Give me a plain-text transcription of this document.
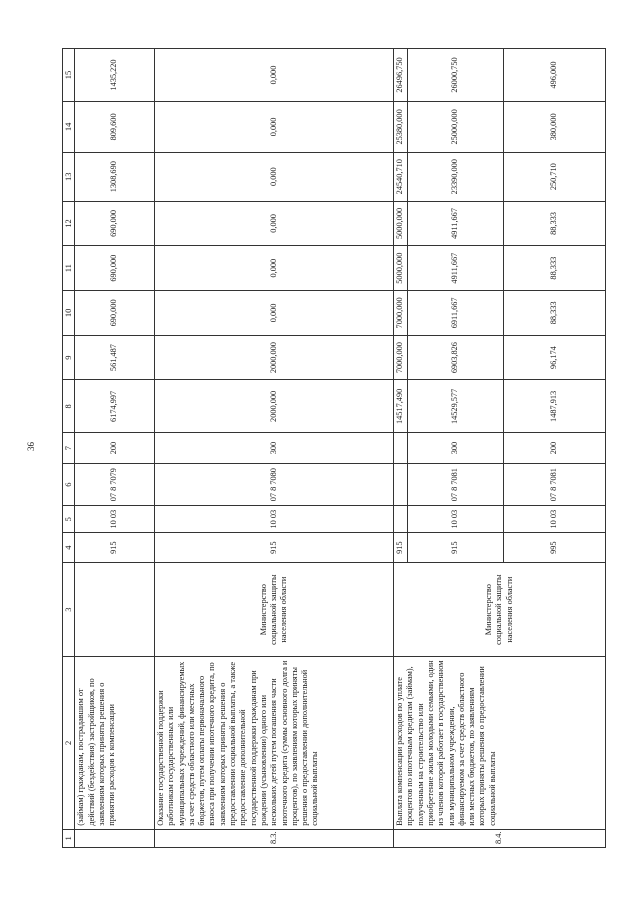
36
1	2	3	4	5	6	7	8	9	10	11	12	13	14	15
	(займам) гражданам, пострадавшим от действий (бездействия) застройщиков, по заявлениям которых приняты решения о принятии расходов к компенсации		915	10 03	07 8 7079	200	6174,997	561,487	690,000	690,000	690,000	1308,690	809,600	1435,220
8.3.	Оказание государственной поддержки работникам государственных или муниципальных учреждений, финансируемых за счет средств областного или местных бюджетов, путем оплаты первоначального взноса при получении ипотечного кредита, по заявлениям которых приняты решения о предоставлении социальной выплаты, а также предоставление дополнительной государственной поддержки гражданам при рождении (усыновлении) одного или нескольких детей путем погашения части ипотечного кредита (суммы основного долга и процентов), по заявлениям которых приняты решения о предоставлении дополнительной социальной выплаты	Министерство социальной защиты населения области	915	10 03	07 8 7080	300	2000,000	2000,000	0,000	0,000	0,000	0,000	0,000	0,000
8.4.	Выплата компенсации расходов по уплате процентов по ипотечным кредитам (займам), полученным на строительство или приобретение жилья молодыми семьями, один из членов которой работает в государственном или муниципальном учреждении, финансируемом за счет средств областного или местных бюджетов, по заявлениям которых приняты решения о предоставлении социальной выплаты	Министерство социальной защиты населения области	915				14517,490	7000,000	7000,000	5000,000	5000,000	24540,710	25380,000	26496,750
			915	10 03	07 8 7081	300	14529,577	6903,826	6911,667	4911,667	4911,667	23390,000	25000,000	26000,750
			995	10 03	07 8 7081	200	1487,913	96,174	88,333	88,333	88,333	250,710	380,000	496,000
